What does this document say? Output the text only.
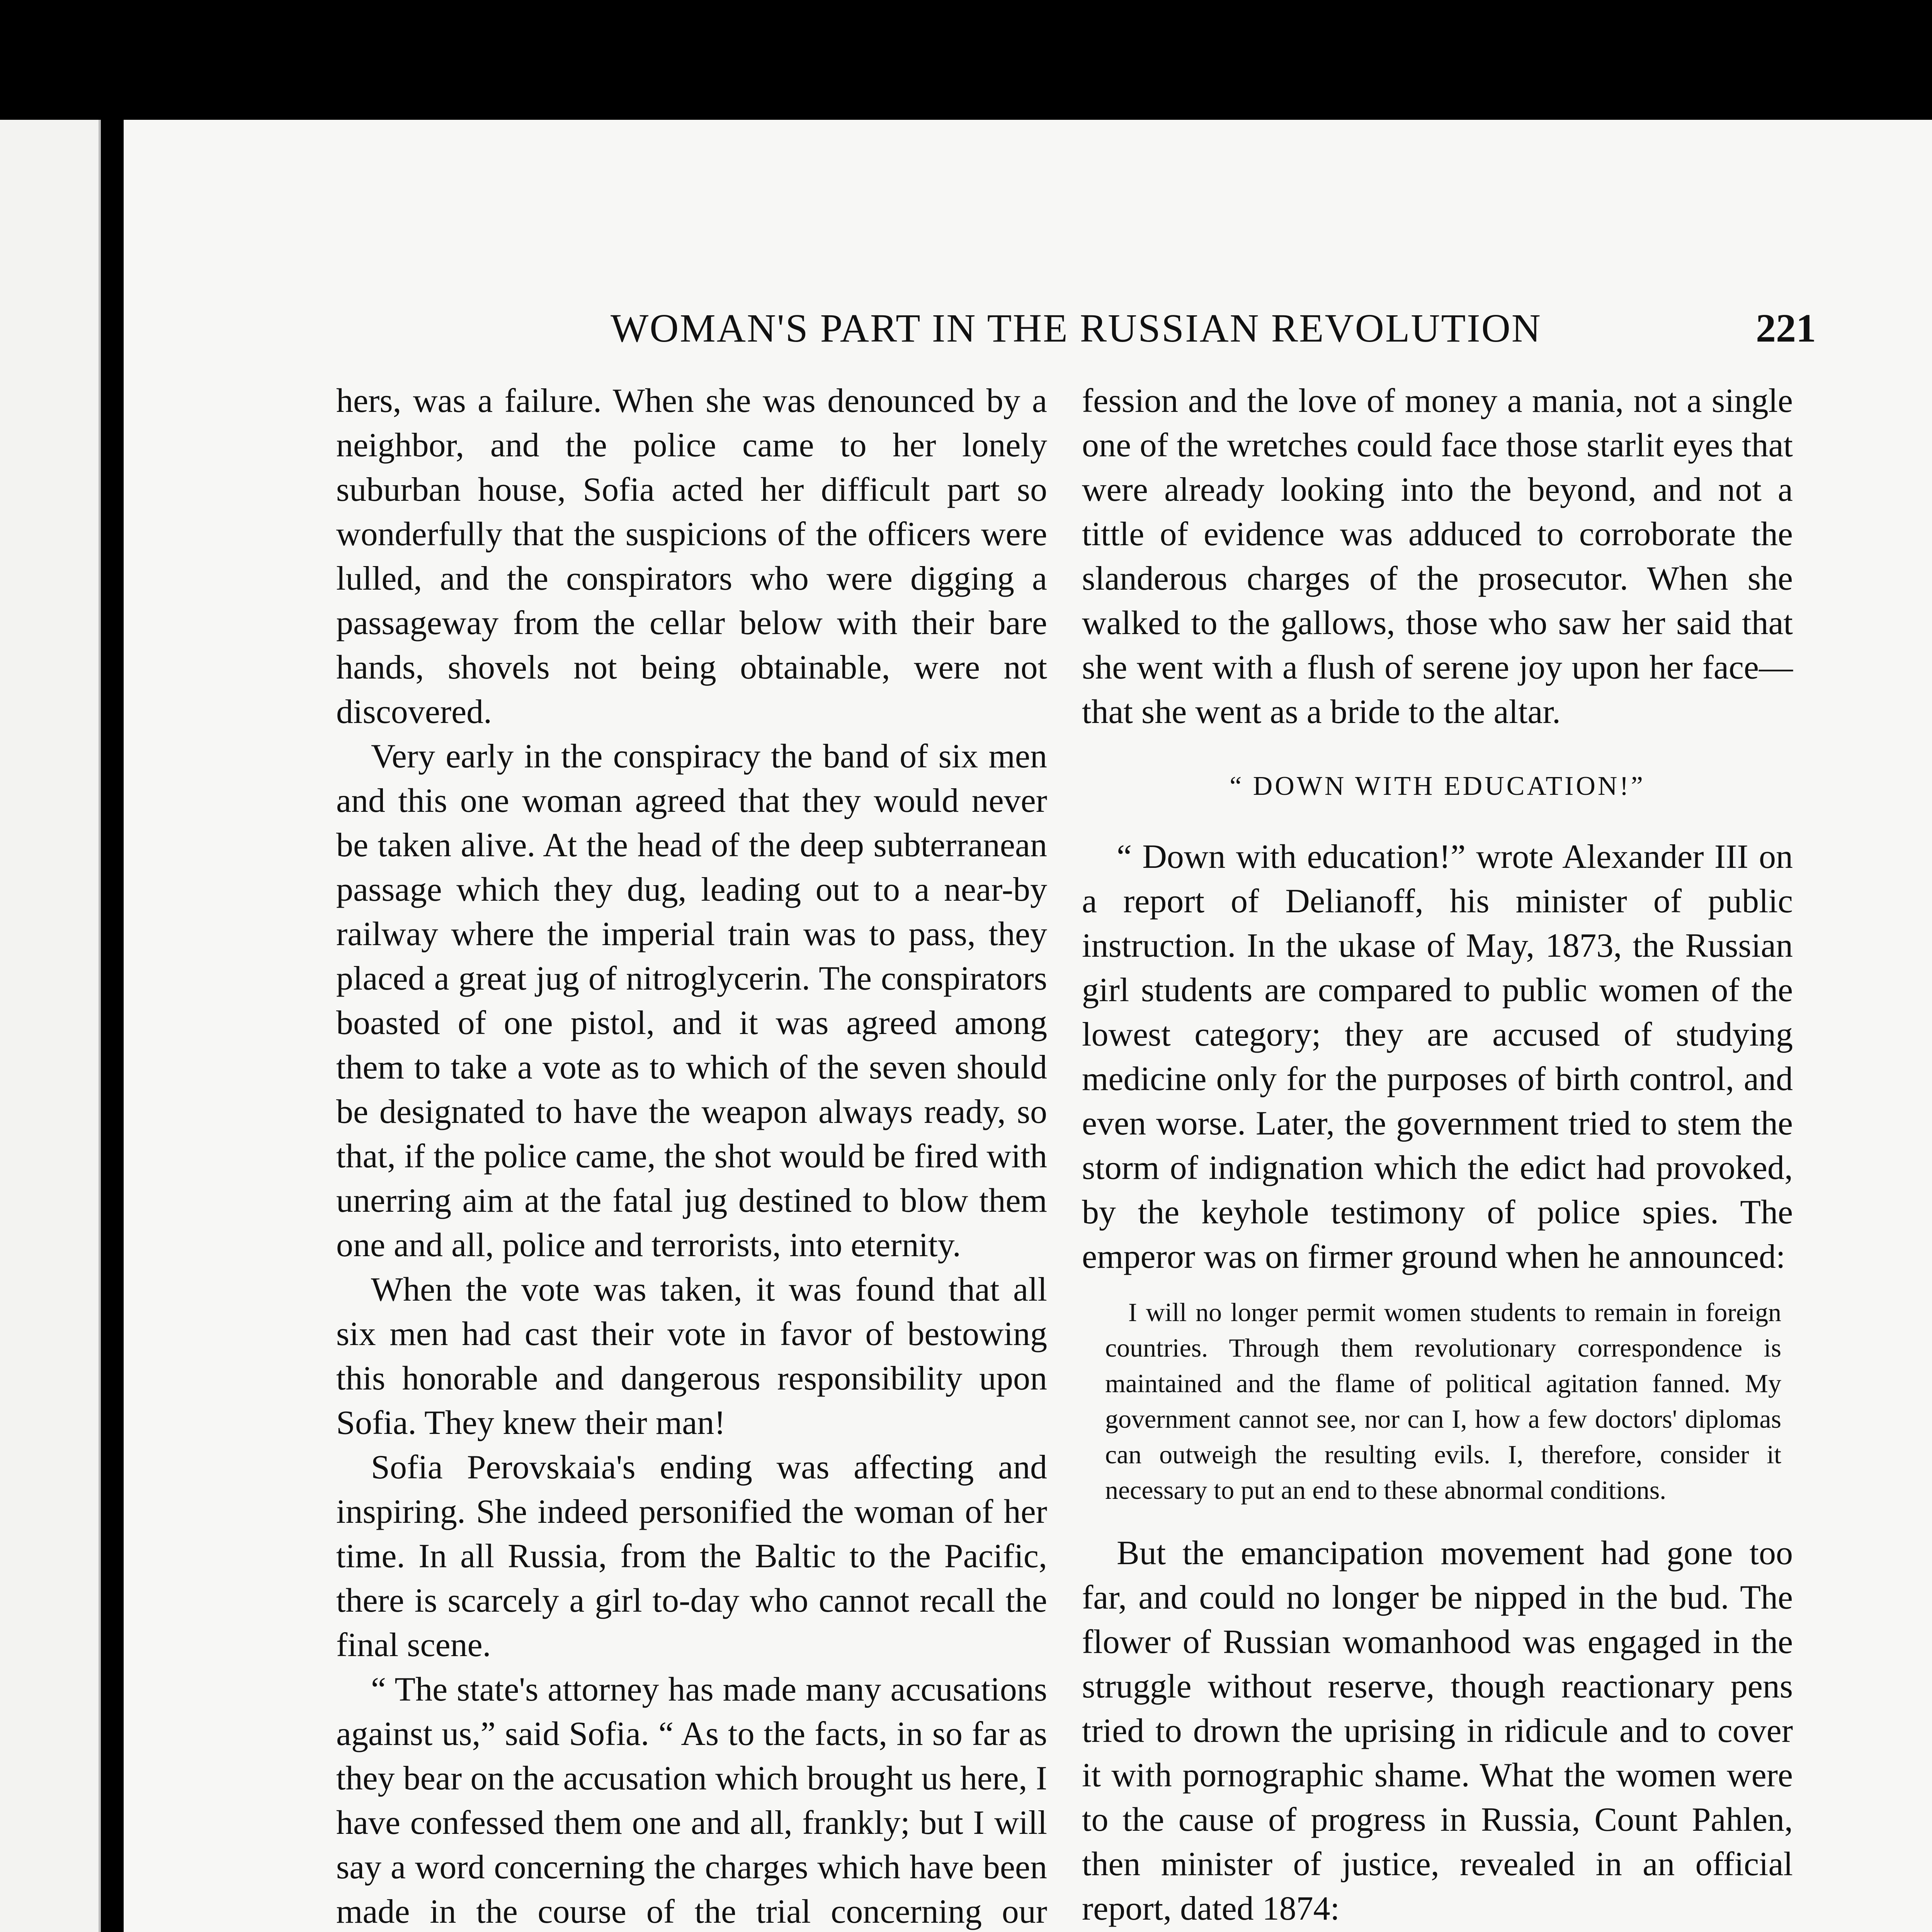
WOMAN'S PART IN THE RUSSIAN REVOLUTION	221

hers, was a failure. When she was denounced by a neighbor, and the police came to her lonely suburban house, Sofia acted her difficult part so wonderfully that the suspicions of the officers were lulled, and the conspirators who were digging a passageway from the cellar below with their bare hands, shovels not being obtainable, were not discovered.

Very early in the conspiracy the band of six men and this one woman agreed that they would never be taken alive. At the head of the deep subterranean passage which they dug, leading out to a near-by railway where the imperial train was to pass, they placed a great jug of nitroglycerin. The conspirators boasted of one pistol, and it was agreed among them to take a vote as to which of the seven should be designated to have the weapon always ready, so that, if the police came, the shot would be fired with unerring aim at the fatal jug destined to blow them one and all, police and terrorists, into eternity.

When the vote was taken, it was found that all six men had cast their vote in favor of bestowing this honorable and dangerous responsibility upon Sofia. They knew their man!

Sofia Perovskaia's ending was affecting and inspiring. She indeed personified the woman of her time. In all Russia, from the Baltic to the Pacific, there is scarcely a girl to-day who cannot recall the final scene.

“ The state's attorney has made many accusations against us,” said Sofia. “ As to the facts, in so far as they bear on the accusation which brought us here, I have confessed them one and all, frankly; but I will say a word concerning the charges which have been made in the course of the trial concerning our

fession and the love of money a mania, not a single one of the wretches could face those starlit eyes that were already looking into the beyond, and not a tittle of evidence was adduced to corroborate the slanderous charges of the prosecutor. When she walked to the gallows, those who saw her said that she went with a flush of serene joy upon her face—that she went as a bride to the altar.

“ DOWN WITH EDUCATION!”

“ Down with education!” wrote Alexander III on a report of Delianoff, his minister of public instruction. In the ukase of May, 1873, the Russian girl students are compared to public women of the lowest category; they are accused of studying medicine only for the purposes of birth control, and even worse. Later, the government tried to stem the storm of indignation which the edict had provoked, by the keyhole testimony of police spies. The emperor was on firmer ground when he announced:

I will no longer permit women students to remain in foreign countries. Through them revolutionary correspondence is maintained and the flame of political agitation fanned. My government cannot see, nor can I, how a few doctors' diplomas can outweigh the resulting evils. I, therefore, consider it necessary to put an end to these abnormal conditions.

But the emancipation movement had gone too far, and could no longer be nipped in the bud. The flower of Russian womanhood was engaged in the struggle without reserve, though reactionary pens tried to drown the uprising in ridicule and to cover it with pornographic shame. What the women were to the cause of progress in Russia, Count Pahlen, then minister of justice, revealed in an official report, dated 1874:
